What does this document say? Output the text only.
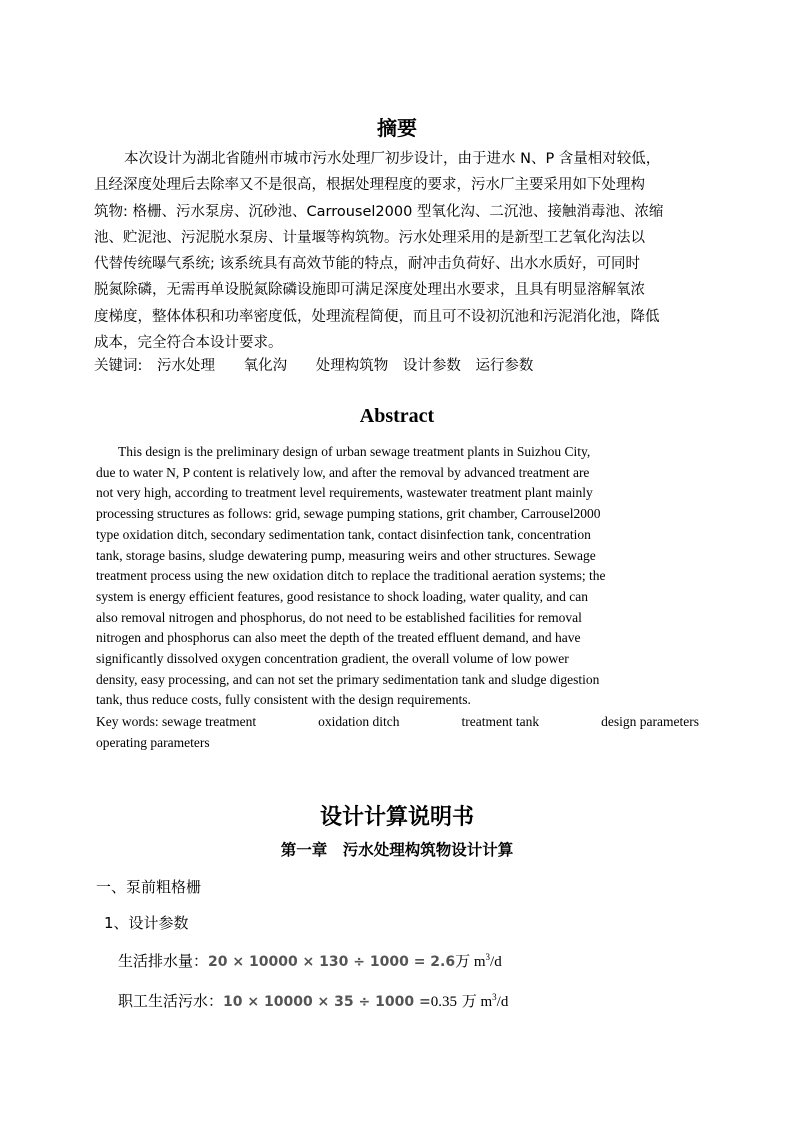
摘要
本次设计为湖北省随州市城市污水处理厂初步设计，由于进水 N、P 含量相对较低，
且经深度处理后去除率又不是很高，根据处理程度的要求，污水厂主要采用如下处理构
筑物: 格栅、污水泵房、沉砂池、Carrousel2000 型氧化沟、二沉池、接触消毒池、浓缩
池、贮泥池、污泥脱水泵房、计量堰等构筑物。污水处理采用的是新型工艺氧化沟法以
代替传统曝气系统; 该系统具有高效节能的特点，耐冲击负荷好、出水水质好，可同时
脱氮除磷，无需再单设脱氮除磷设施即可满足深度处理出水要求，且具有明显溶解氧浓
度梯度，整体体积和功率密度低，处理流程简便，而且可不设初沉池和污泥消化池，降低
成本，完全符合本设计要求。
关键词: 污水处理 氧化沟 处理构筑物 设计参数 运行参数
Abstract
This design is the preliminary design of urban sewage treatment plants in Suizhou City,
due to water N, P content is relatively low, and after the removal by advanced treatment are
not very high, according to treatment level requirements, wastewater treatment plant mainly
processing structures as follows: grid, sewage pumping stations, grit chamber, Carrousel2000
type oxidation ditch, secondary sedimentation tank, contact disinfection tank, concentration
tank, storage basins, sludge dewatering pump, measuring weirs and other structures. Sewage
treatment process using the new oxidation ditch to replace the traditional aeration systems; the
system is energy efficient features, good resistance to shock loading, water quality, and can
also removal nitrogen and phosphorus, do not need to be established facilities for removal
nitrogen and phosphorus can also meet the depth of the treated effluent demand, and have
significantly dissolved oxygen concentration gradient, the overall volume of low power
density, easy processing, and can not set the primary sedimentation tank and sludge digestion
tank, thus reduce costs, fully consistent with the design requirements.
Key words: sewage treatment	oxidation ditch	treatment tank	design parameters
operating parameters
设计计算说明书
第一章　污水处理构筑物设计计算
一、泵前粗格栅
1、设计参数
生活排水量：20 × 10000 × 130 ÷ 1000 = 2.6万 $m^3/d$
职工生活污水：10 × 10000 × 35 ÷ 1000 =0.35 万 $m^3/d$
